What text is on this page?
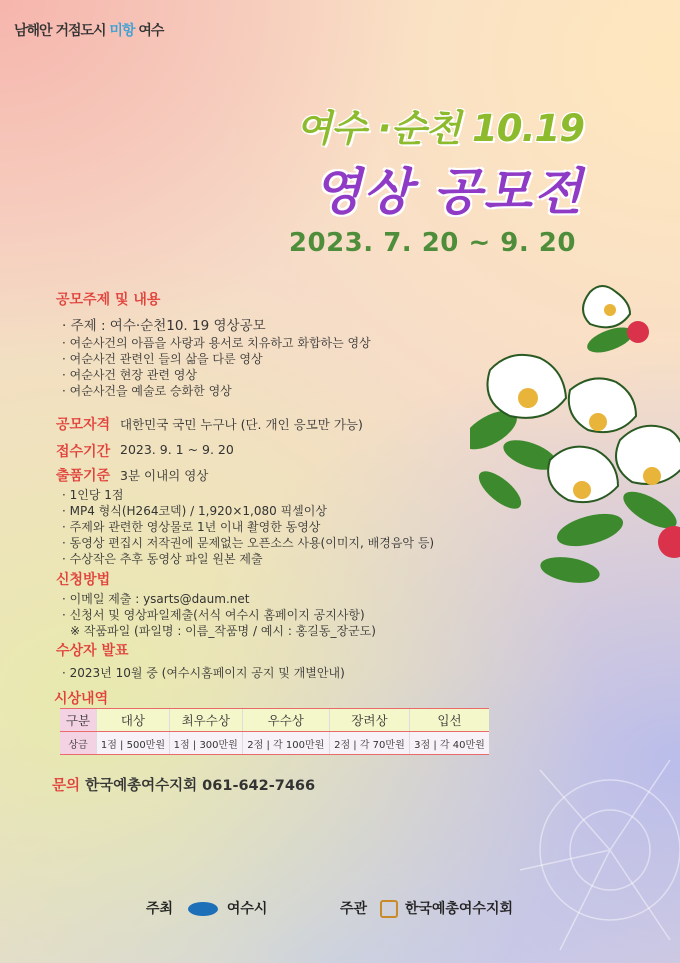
남해안 거점도시 미항 여수
여수 ·순천 10.19
영상 공모전
2023. 7. 20 ~ 9. 20
공모주제 및 내용
· 주제 : 여수·순천10. 19 영상공모
· 여순사건의 아픔을 사랑과 용서로 치유하고 화합하는 영상
· 여순사건 관련인 들의 삶을 다룬 영상
· 여순사건 현장 관련 영상
· 여순사건을 예술로 승화한 영상
공모자격 대한민국 국민 누구나 (단. 개인 응모만 가능)
접수기간 2023. 9. 1 ~ 9. 20
출품기준 3분 이내의 영상
· 1인당 1점
· MP4 형식(H264코덱) / 1,920×1,080 픽셀이상
· 주제와 관련한 영상물로 1년 이내 촬영한 동영상
· 동영상 편집시 저작권에 문제없는 오픈소스 사용(이미지, 배경음악 등)
· 수상작은 추후 동영상 파일 원본 제출
신청방법
· 이메일 제출 : ysarts@daum.net
· 신청서 및 영상파일제출(서식 여수시 홈페이지 공지사항)
※ 작품파일 (파일명 : 이름_작품명 / 예시 : 홍길동_장군도)
수상자 발표
· 2023년 10월 중 (여수시홈페이지 공지 및 개별안내)
시상내역
구분	대상	최우수상	우수상	장려상	입선
상금	1점 | 500만원	1점 | 300만원	2점 | 각 100만원	2점 | 각 70만원	3점 | 각 40만원
문의 한국예총여수지회 061-642-7466
주최	여수시	주관	한국예총여수지회
